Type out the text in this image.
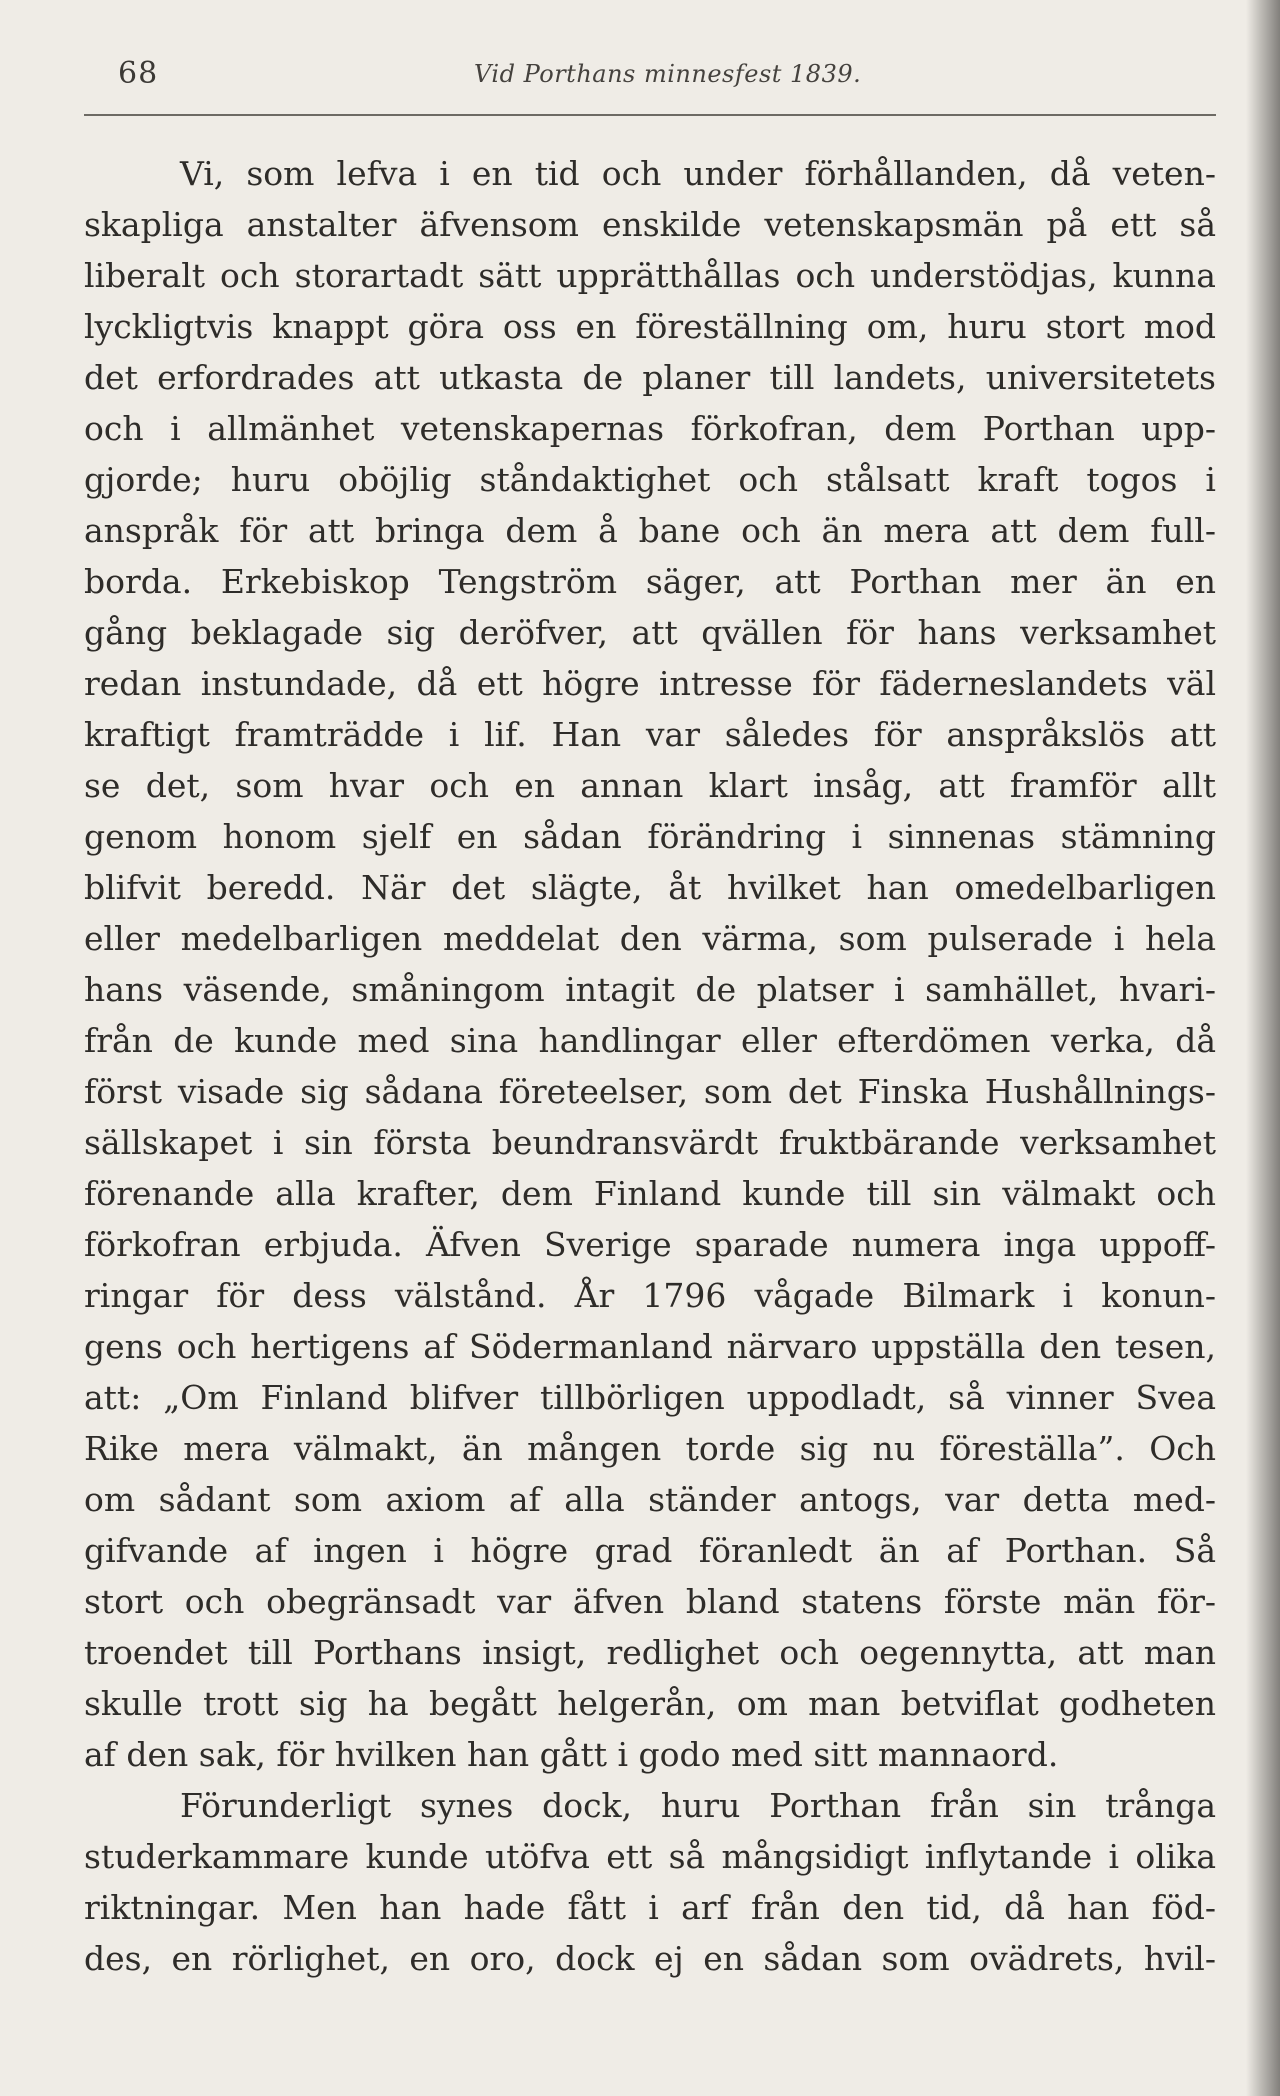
68	Vid Porthans minnesfest 1839.
Vi, som lefva i en tid och under förhållanden, då veten-
skapliga anstalter äfvensom enskilde vetenskapsmän på ett så
liberalt och storartadt sätt upprätthållas och understödjas, kunna
lyckligtvis knappt göra oss en föreställning om, huru stort mod
det erfordrades att utkasta de planer till landets, universitetets
och i allmänhet vetenskapernas förkofran, dem Porthan upp-
gjorde; huru oböjlig ståndaktighet och stålsatt kraft togos i
anspråk för att bringa dem å bane och än mera att dem full-
borda. Erkebiskop Tengström säger, att Porthan mer än en
gång beklagade sig deröfver, att qvällen för hans verksamhet
redan instundade, då ett högre intresse för fäderneslandets väl
kraftigt framträdde i lif. Han var således för anspråkslös att
se det, som hvar och en annan klart insåg, att framför allt
genom honom sjelf en sådan förändring i sinnenas stämning
blifvit beredd. När det slägte, åt hvilket han omedelbarligen
eller medelbarligen meddelat den värma, som pulserade i hela
hans väsende, småningom intagit de platser i samhället, hvari-
från de kunde med sina handlingar eller efterdömen verka, då
först visade sig sådana företeelser, som det Finska Hushållnings-
sällskapet i sin första beundransvärdt fruktbärande verksamhet
förenande alla krafter, dem Finland kunde till sin välmakt och
förkofran erbjuda. Äfven Sverige sparade numera inga uppoff-
ringar för dess välstånd. År 1796 vågade Bilmark i konun-
gens och hertigens af Södermanland närvaro uppställa den tesen,
att: „Om Finland blifver tillbörligen uppodladt, så vinner Svea
Rike mera välmakt, än mången torde sig nu föreställa”. Och
om sådant som axiom af alla ständer antogs, var detta med-
gifvande af ingen i högre grad föranledt än af Porthan. Så
stort och obegränsadt var äfven bland statens förste män för-
troendet till Porthans insigt, redlighet och oegennytta, att man
skulle trott sig ha begått helgerån, om man betviflat godheten
af den sak, för hvilken han gått i godo med sitt mannaord.
Förunderligt synes dock, huru Porthan från sin trånga
studerkammare kunde utöfva ett så mångsidigt inflytande i olika
riktningar. Men han hade fått i arf från den tid, då han föd-
des, en rörlighet, en oro, dock ej en sådan som ovädrets, hvil-
